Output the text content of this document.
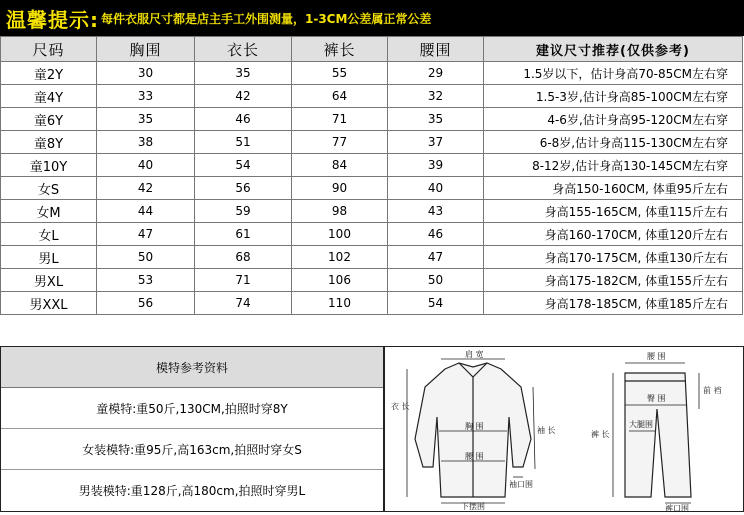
温馨提示: 每件衣服尺寸都是店主手工外围测量，1-3CM公差属正常公差
尺码	胸围	衣长	裤长	腰围	建议尺寸推荐(仅供参考)
童2Y	30	35	55	29	1.5岁以下，估计身高70-85CM左右穿
童4Y	33	42	64	32	1.5-3岁,估计身高85-100CM左右穿
童6Y	35	46	71	35	4-6岁,估计身高95-120CM左右穿
童8Y	38	51	77	37	6-8岁,估计身高115-130CM左右穿
童10Y	40	54	84	39	8-12岁,估计身高130-145CM左右穿
女S	42	56	90	40	身高150-160CM, 体重95斤左右
女M	44	59	98	43	身高155-165CM, 体重115斤左右
女L	47	61	100	46	身高160-170CM, 体重120斤左右
男L	50	68	102	47	身高170-175CM, 体重130斤左右
男XL	53	71	106	50	身高175-182CM, 体重155斤左右
男XXL	56	74	110	54	身高178-185CM, 体重185斤左右
模特参考资料
童模特:重50斤,130CM,拍照时穿8Y
女装模特:重95斤,高163cm,拍照时穿女S
男装模特:重128斤,高180cm,拍照时穿男L
肩 宽
胸 围
衣 长
袖 长
腰 围
下摆围
袖口围
腰 围
前 裆
臀 围
裤 长
大腿围
裤口围
